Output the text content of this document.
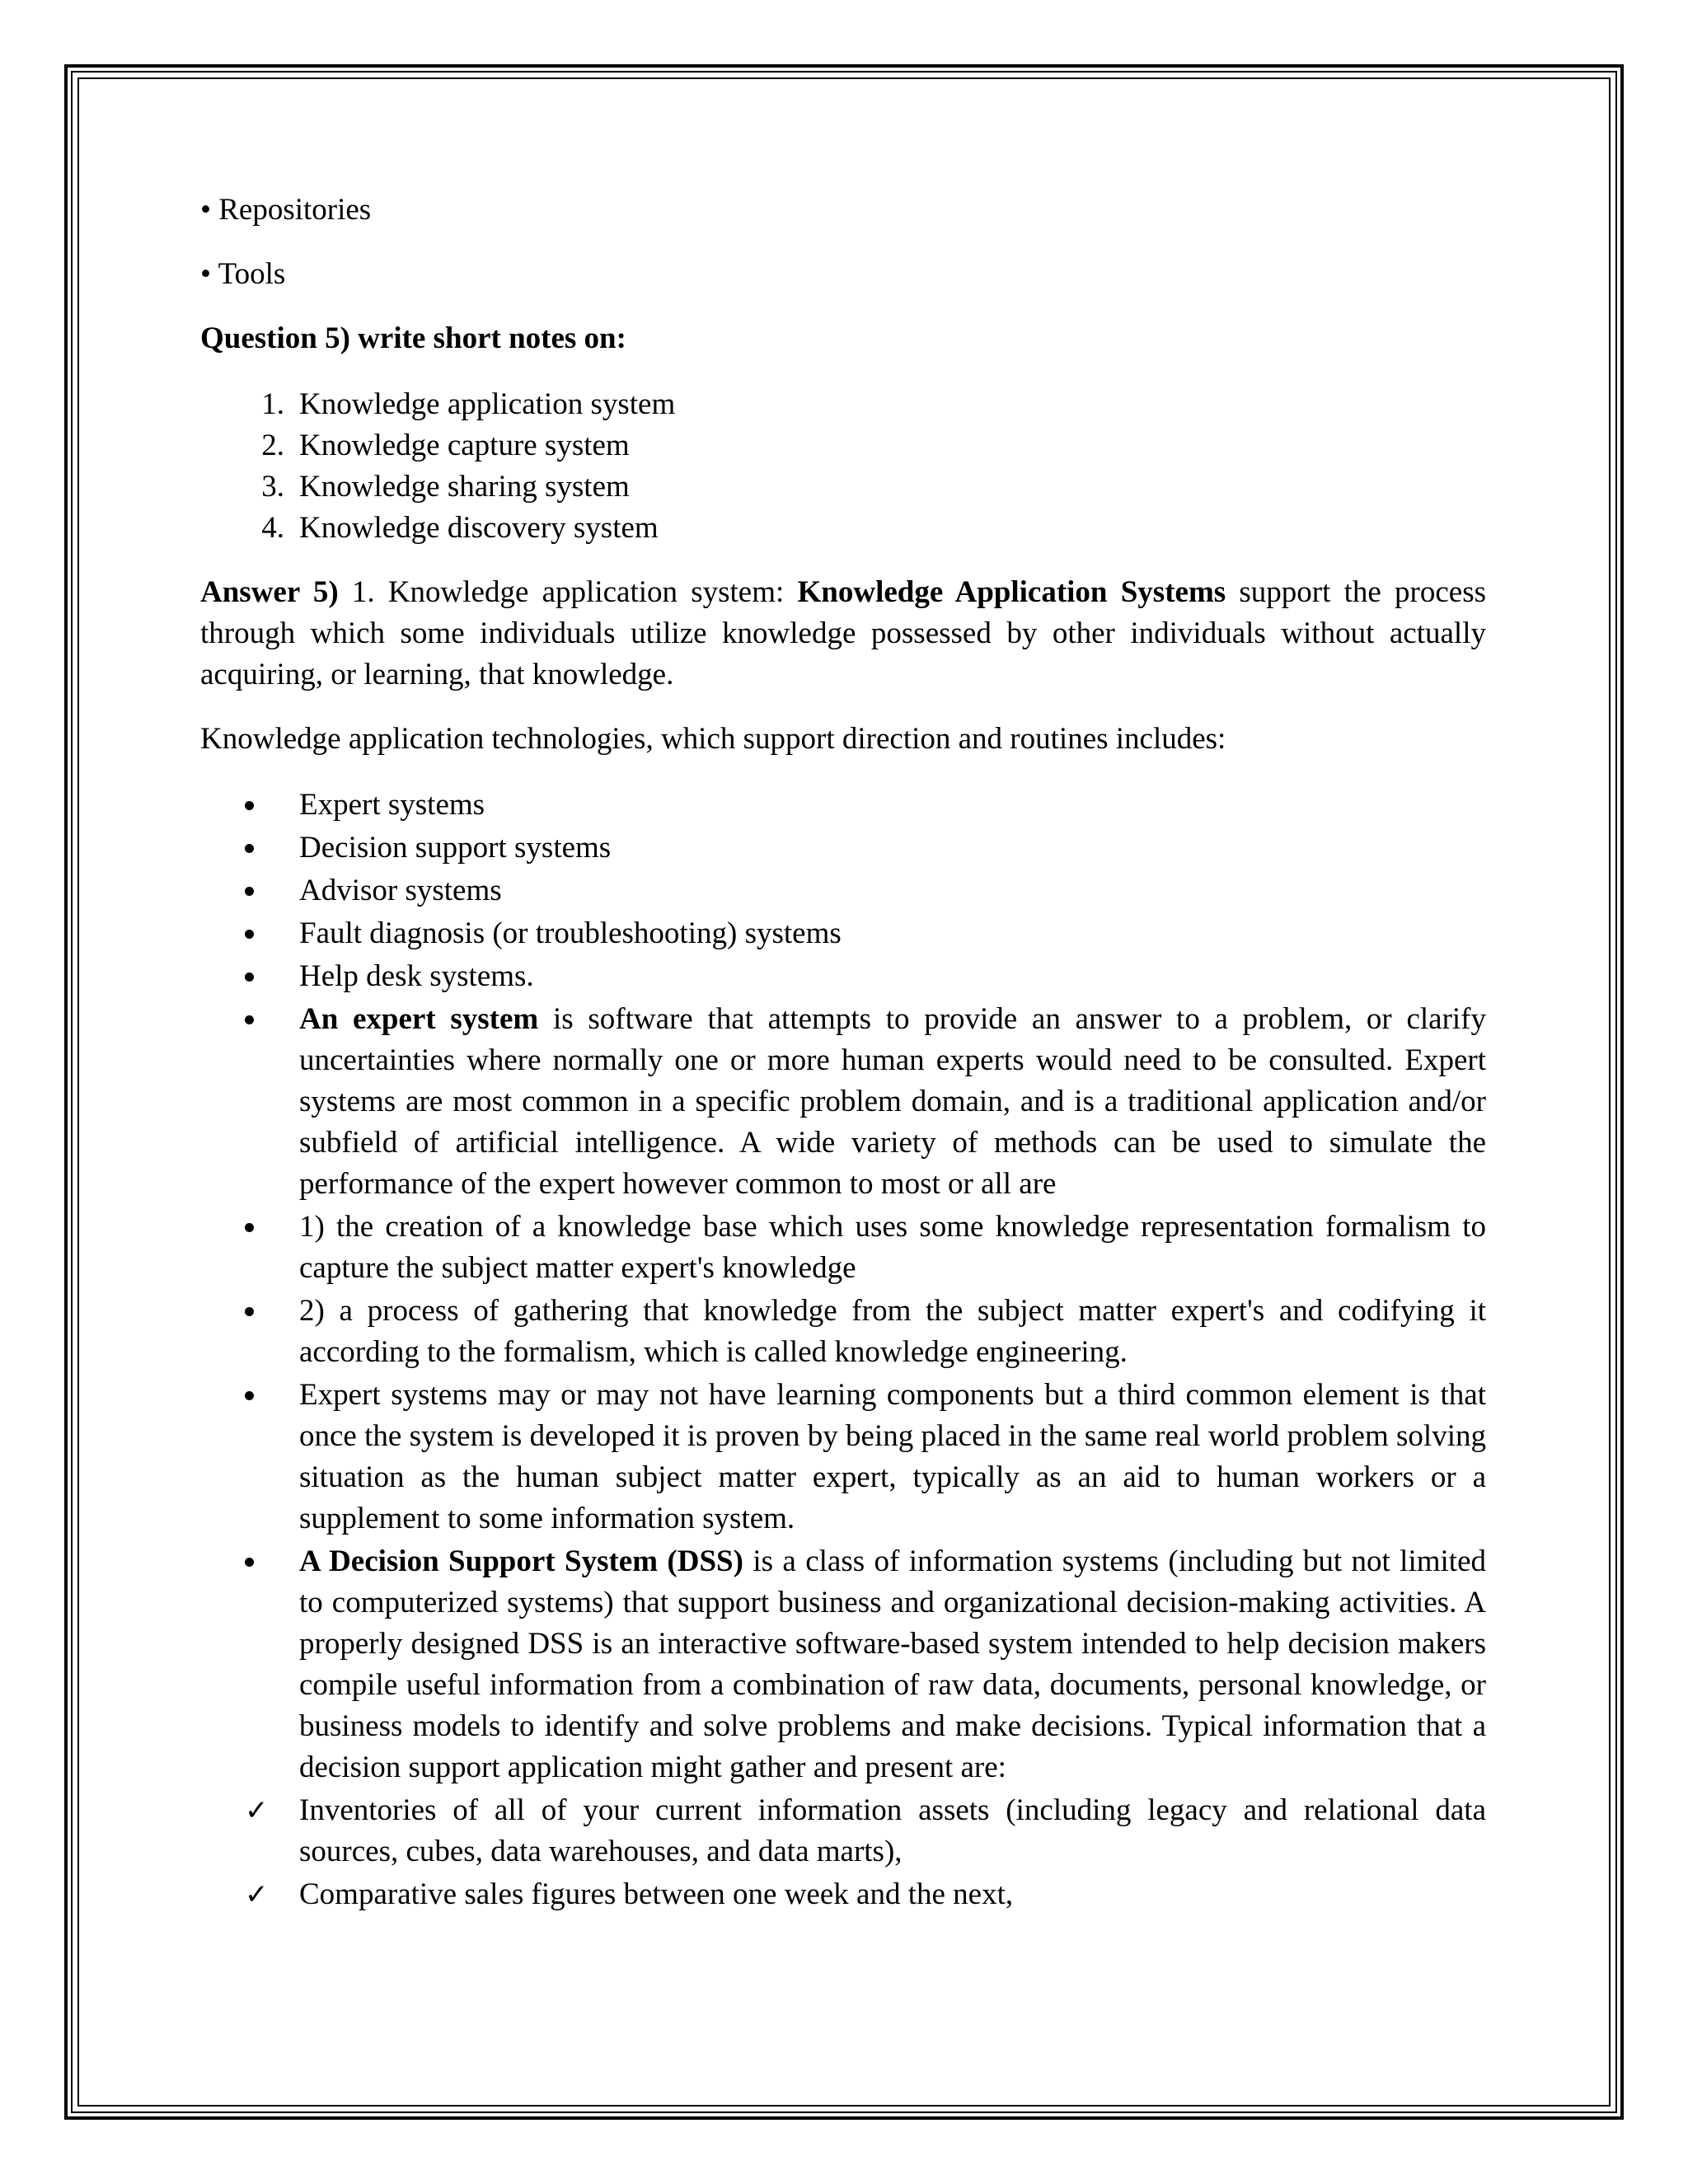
• Repositories

• Tools

Question 5) write short notes on:

1. Knowledge application system
2. Knowledge capture system
3. Knowledge sharing system
4. Knowledge discovery system

Answer 5) 1. Knowledge application system: Knowledge Application Systems support the process through which some individuals utilize knowledge possessed by other individuals without actually acquiring, or learning, that knowledge.

Knowledge application technologies, which support direction and routines includes:

Expert systems
Decision support systems
Advisor systems
Fault diagnosis (or troubleshooting) systems
Help desk systems.
An expert system is software that attempts to provide an answer to a problem, or clarify uncertainties where normally one or more human experts would need to be consulted. Expert systems are most common in a specific problem domain, and is a traditional application and/or subfield of artificial intelligence. A wide variety of methods can be used to simulate the performance of the expert however common to most or all are
1) the creation of a knowledge base which uses some knowledge representation formalism to capture the subject matter expert's knowledge
2) a process of gathering that knowledge from the subject matter expert's and codifying it according to the formalism, which is called knowledge engineering.
Expert systems may or may not have learning components but a third common element is that once the system is developed it is proven by being placed in the same real world problem solving situation as the human subject matter expert, typically as an aid to human workers or a supplement to some information system.
A Decision Support System (DSS) is a class of information systems (including but not limited to computerized systems) that support business and organizational decision-making activities. A properly designed DSS is an interactive software-based system intended to help decision makers compile useful information from a combination of raw data, documents, personal knowledge, or business models to identify and solve problems and make decisions. Typical information that a decision support application might gather and present are:
✓	Inventories of all of your current information assets (including legacy and relational data sources, cubes, data warehouses, and data marts),
✓	Comparative sales figures between one week and the next,
